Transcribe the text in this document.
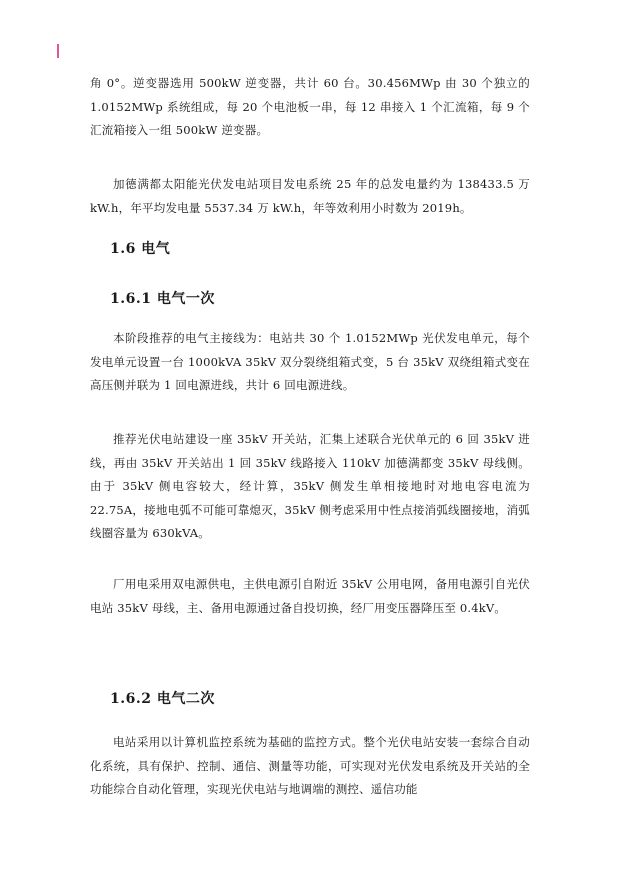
角 0°。逆变器选用 500kW 逆变器，共计 60 台。30.456MWp 由 30 个独立的 1.0152MWp 系统组成，每 20 个电池板一串，每 12 串接入 1 个汇流箱，每 9 个汇流箱接入一组 500kW 逆变器。

加德满都太阳能光伏发电站项目发电系统 25 年的总发电量约为 138433.5 万 kW.h，年平均发电量 5537.34 万 kW.h，年等效利用小时数为 2019h。

1.6 电气
1.6.1 电气一次

本阶段推荐的电气主接线为：电站共 30 个 1.0152MWp 光伏发电单元，每个发电单元设置一台 1000kVA 35kV 双分裂绕组箱式变，5 台 35kV 双绕组箱式变在高压侧并联为 1 回电源进线，共计 6 回电源进线。

推荐光伏电站建设一座 35kV 开关站，汇集上述联合光伏单元的 6 回 35kV 进线，再由 35kV 开关站出 1 回 35kV 线路接入 110kV 加德满都变 35kV 母线侧。由于 35kV 侧电容较大，经计算，35kV 侧发生单相接地时对地电容电流为 22.75A，接地电弧不可能可靠熄灭，35kV 侧考虑采用中性点接消弧线圈接地，消弧线圈容量为 630kVA。

厂用电采用双电源供电，主供电源引自附近 35kV 公用电网，备用电源引自光伏电站 35kV 母线，主、备用电源通过备自投切换，经厂用变压器降压至 0.4kV。

1.6.2 电气二次

电站采用以计算机监控系统为基础的监控方式。整个光伏电站安装一套综合自动化系统，具有保护、控制、通信、测量等功能，可实现对光伏发电系统及开关站的全功能综合自动化管理，实现光伏电站与地调端的测控、遥信功能
